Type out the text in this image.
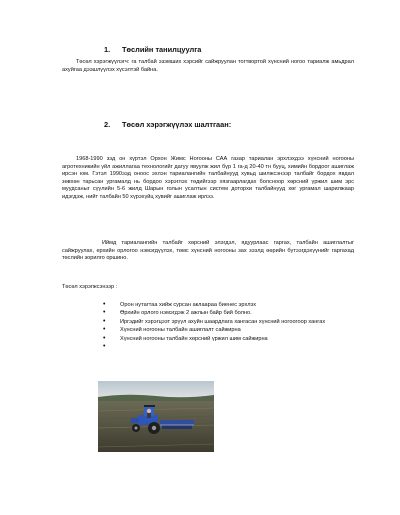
1. Төслийн танилцуулга

Төсөл хэрэгжүүлэгч: га талбай эзэмших хэрсийг сайжруулан тогтвортой хүнсний ногоо тариалж амьдрал ахуйгаа дээшлүүлэх хүсэлтэй байна.

2. Төсөл хэрэгжүүлэх шалтгаан:

1968-1990 зэд он хүртэл Орхон Жимс Ногооны САА газар тариалан эрхлэхдээ хүнсний ногооны агротехникийн үйл ажиллагаа технологийг дагуу явуулж жил бүр 1 га-д 20-40 тн бууц, химийн бордоог ашиглаж ирсэн юм. Гэтэл 1990ээд оноос эхлэн тариалангийн талбайнууд хувьд шилжсэнээр талбайг бордох явдал зөвхөн тарьсан ургамалд нь бордоо хэрэглэх төдийгээр хязгаарлагдах болсноор хөрсний үржил шим эрс муудсаныг сүүлийн 5-6 жилд Шарын голын усалтын систем доторхи талбайнууд хөг ургамал шарилжаар идэгдэж, нийт талбайн 50 хүрэхүйц хувийг ашиглаж ирлээ.

Иймд тариалангийн талбайг хөрсний элэгдэл, ядуурлаас гаргах, талбайн ашиглалтыг сайжруулах, ерхийн орлогоо нэмэгдүүлэх, төмс хүнсний ногооны зах зээлд өөрийн бүтээгдэхүүнийг гаргахад төслийн зорилго оршино.

Төсөл хэрэгжсэнээр :

•	Орон нутагтаа хийж сурсан аклаараа биенес эрхлэх
•	Өрхийн орлого нэмэгдэж 2 ажлын байр бий болно.
•	Иргэдийг хэрэгцээт эрүүл ахуйн шаардлага хангасан хүнсний ногоогоор хангах
•	Хүнсний ногооны талбайн ашиглалт сайжирна
•	Хүнсний ногооны талбайн хөрсний үржил шим сайжирна
•
